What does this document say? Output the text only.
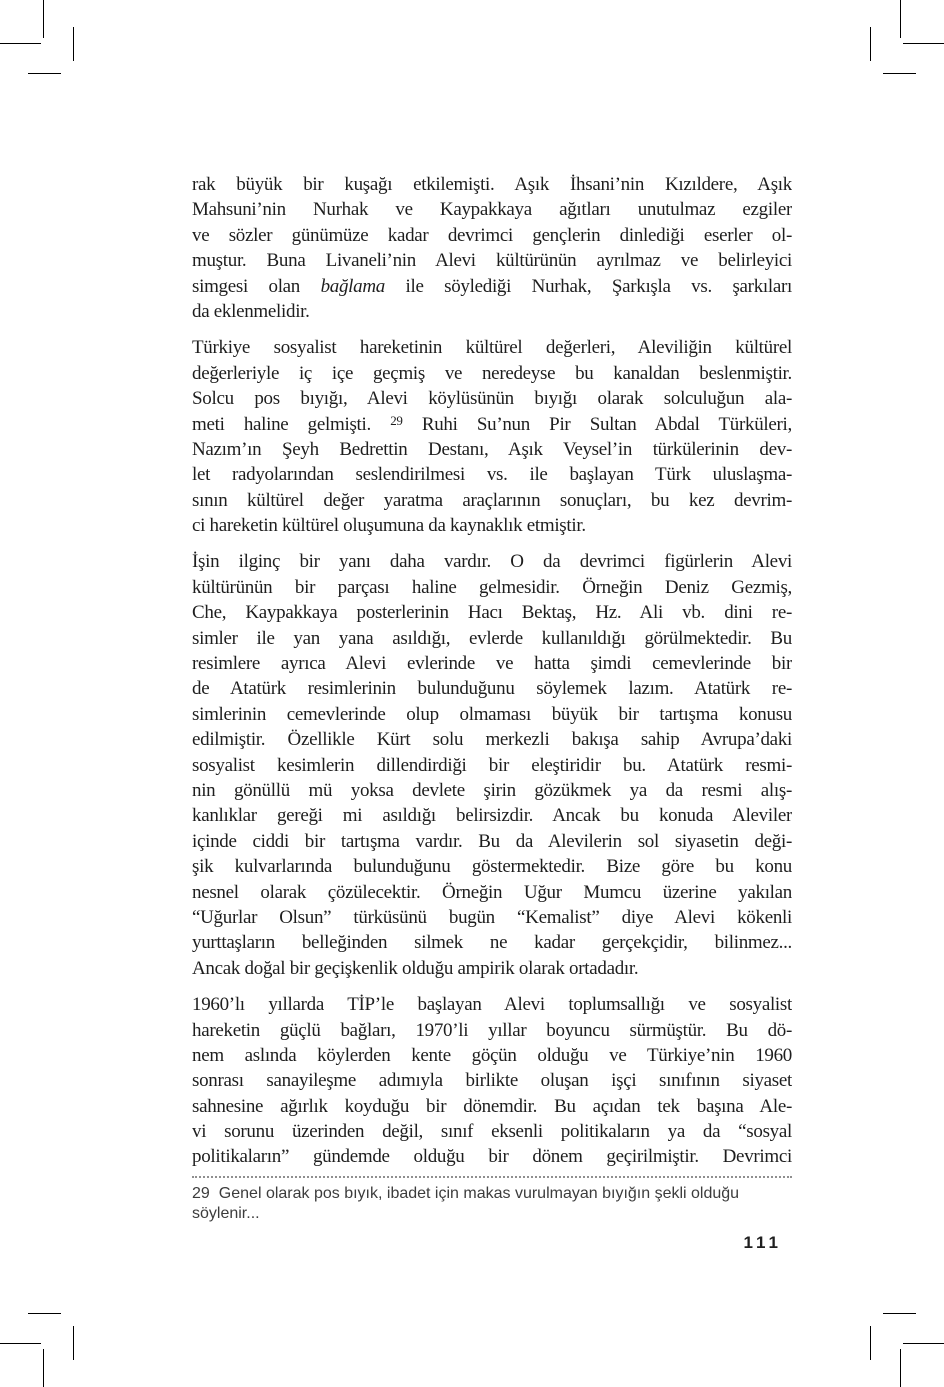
rak büyük bir kuşağı etkilemişti. Aşık İhsani’nin Kızıldere, Aşık
Mahsuni’nin Nurhak ve Kaypakkaya ağıtları unutulmaz ezgiler
ve sözler günümüze kadar devrimci gençlerin dinlediği eserler ol-
muştur. Buna Livaneli’nin Alevi kültürünün ayrılmaz ve belirleyici
simgesi olan bağlama ile söylediği Nurhak, Şarkışla vs. şarkıları
da eklenmelidir.
Türkiye sosyalist hareketinin kültürel değerleri, Aleviliğin kültürel
değerleriyle iç içe geçmiş ve neredeyse bu kanaldan beslenmiştir.
Solcu pos bıyığı, Alevi köylüsünün bıyığı olarak solculuğun ala-
meti haline gelmişti. $^{29}$ Ruhi Su’nun Pir Sultan Abdal Türküleri,
Nazım’ın Şeyh Bedrettin Destanı, Aşık Veysel’in türkülerinin dev-
let radyolarından seslendirilmesi vs. ile başlayan Türk uluslaşma-
sının kültürel değer yaratma araçlarının sonuçları, bu kez devrim-
ci hareketin kültürel oluşumuna da kaynaklık etmiştir.
İşin ilginç bir yanı daha vardır. O da devrimci figürlerin Alevi
kültürünün bir parçası haline gelmesidir. Örneğin Deniz Gezmiş,
Che, Kaypakkaya posterlerinin Hacı Bektaş, Hz. Ali vb. dini re-
simler ile yan yana asıldığı, evlerde kullanıldığı görülmektedir. Bu
resimlere ayrıca Alevi evlerinde ve hatta şimdi cemevlerinde bir
de Atatürk resimlerinin bulunduğunu söylemek lazım. Atatürk re-
simlerinin cemevlerinde olup olmaması büyük bir tartışma konusu
edilmiştir. Özellikle Kürt solu merkezli bakışa sahip Avrupa’daki
sosyalist kesimlerin dillendirdiği bir eleştiridir bu. Atatürk resmi-
nin gönüllü mü yoksa devlete şirin gözükmek ya da resmi alış-
kanlıklar gereği mi asıldığı belirsizdir. Ancak bu konuda Aleviler
içinde ciddi bir tartışma vardır. Bu da Alevilerin sol siyasetin deği-
şik kulvarlarında bulunduğunu göstermektedir. Bize göre bu konu
nesnel olarak çözülecektir. Örneğin Uğur Mumcu üzerine yakılan
“Uğurlar Olsun” türküsünü bugün “Kemalist” diye Alevi kökenli
yurttaşların belleğinden silmek ne kadar gerçekçidir, bilinmez...
Ancak doğal bir geçişkenlik olduğu ampirik olarak ortadadır.
1960’lı yıllarda TİP’le başlayan Alevi toplumsallığı ve sosyalist
hareketin güçlü bağları, 1970’li yıllar boyuncu sürmüştür. Bu dö-
nem aslında köylerden kente göçün olduğu ve Türkiye’nin 1960
sonrası sanayileşme adımıyla birlikte oluşan işçi sınıfının siyaset
sahnesine ağırlık koyduğu bir dönemdir. Bu açıdan tek başına Ale-
vi sorunu üzerinden değil, sınıf eksenli politikaların ya da “sosyal
politikaların” gündemde olduğu bir dönem geçirilmiştir. Devrimci
29 Genel olarak pos bıyık, ibadet için makas vurulmayan bıyığın şekli olduğu söylenir...
111
